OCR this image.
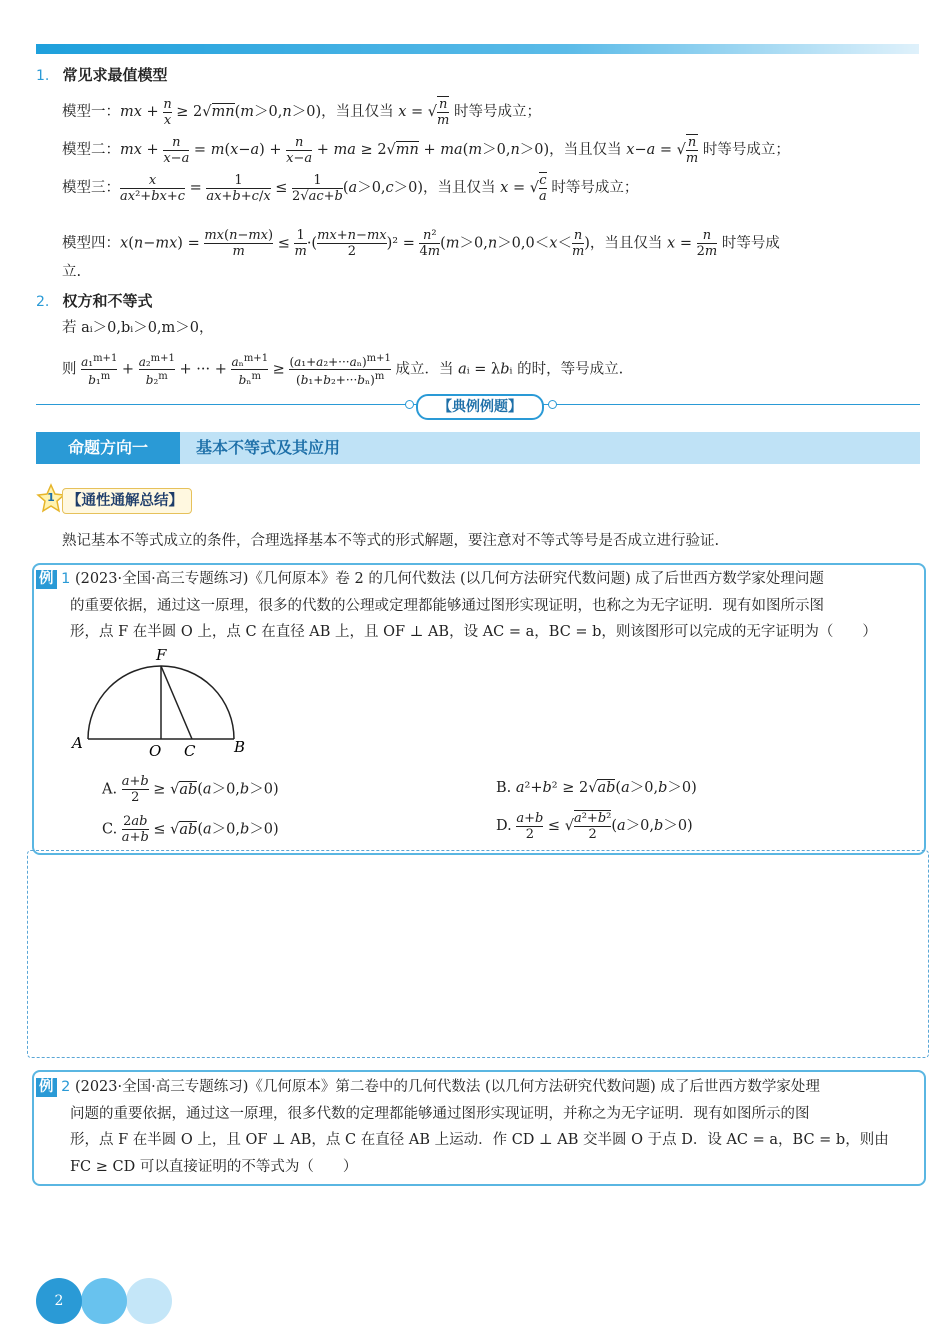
1. 常见求最值模型
模型一：mx + $\frac{n}{x} \ge 2√mn(m>0,n>0)$，当且仅当 x = √ $\frac{n}{m}$ 时等号成立；
模型二：mx + n
x−a = m(x−a) + n
x−a + ma ≥ 2√mn + ma(m＞0,n＞0)，当且仅当 x−a = √ $\frac{n}{m}$ 时等号成立；
模型三：	x
ax²+bx+c =	1
ax+b+c/x ≤	1
2√ac+b(a＞0,c＞0)，当且仅当 x = √ $\frac{c}{a}$ 时等号成立；
模型四：$x(n-mx) = \frac{mx(n-mx)}{m} \le \frac{1}{m}\cdot$( mx+n−mx
2 )² = n²
$4m(m>0,n>0,0<x< \frac{n}{m})$，当且仅当 x = n
2m 时等号成
立.
2. 权方和不等式
若 aᵢ＞0,bᵢ＞0,m＞0，
则 a₁$^{m+1}$
b₁$^m$ + a₂$^{m+1}$
b₂$^m$ + ··· + aₙ$^{m+1}$
$b_n^m \ge (a_1+a_2+\cdot\cdot\cdot a_n)^{m+1}$
$(b_1+b_2+\cdot\cdot\cdot b_n)^m$ 成立．当 aᵢ = λbᵢ 的时，等号成立.
【典例例题】
命题方向一	基本不等式及其应用
1 【通性通解总结】
熟记基本不等式成立的条件，合理选择基本不等式的形式解题，要注意对不等式等号是否成立进行验证.
例 1 (2023·全国·高三专题练习)《几何原本》卷 2 的几何代数法 (以几何方法研究代数问题) 成了后世西方数学家处理问题
的重要依据，通过这一原理，很多的代数的公理或定理都能够通过图形实现证明，也称之为无字证明．现有如图所示图
形，点 F 在半圆 O 上，点 C 在直径 AB 上，且 OF ⊥ AB，设 AC = a，BC = b，则该图形可以完成的无字证明为（　　）
F
A	O C	B
A. a+b
2 ≥ √ab(a＞0,b＞0)	B. a²+b² ≥ 2√ab(a＞0,b＞0)
C. 2ab
a+b ≤ √ab(a＞0,b＞0)	D. a+b
2 ≤ √ a²+b²
2(a＞0,b＞0)
例 2 (2023·全国·高三专题练习)《几何原本》第二卷中的几何代数法 (以几何方法研究代数问题) 成了后世西方数学家处理
问题的重要依据，通过这一原理，很多代数的定理都能够通过图形实现证明，并称之为无字证明．现有如图所示的图
形，点 F 在半圆 O 上，且 OF ⊥ AB，点 C 在直径 AB 上运动．作 CD ⊥ AB 交半圆 O 于点 D．设 AC = a，BC = b，则由
FC ≥ CD 可以直接证明的不等式为（　　）
2
